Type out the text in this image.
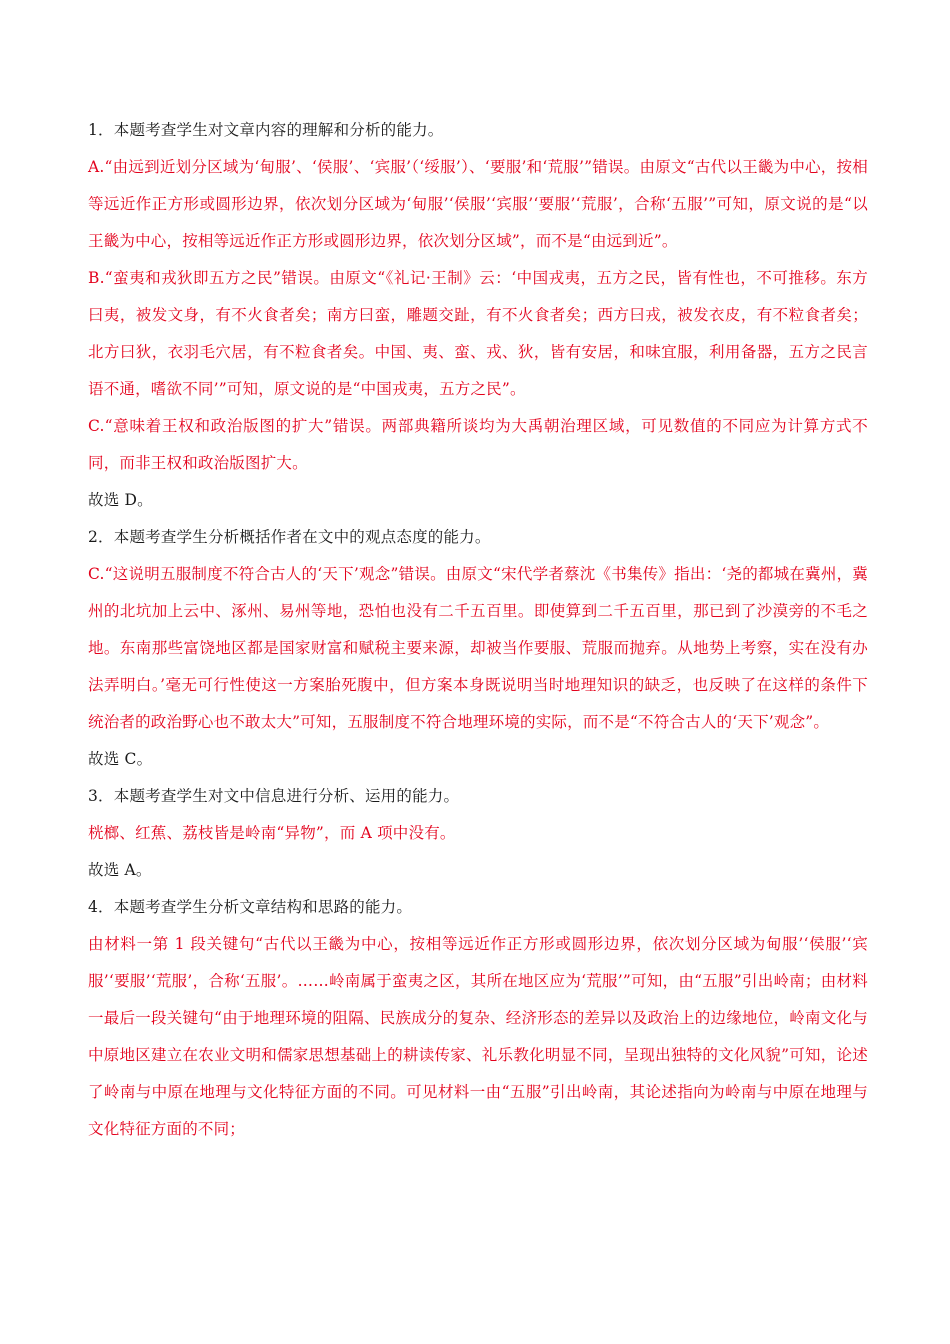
1．本题考查学生对文章内容的理解和分析的能力。

A.“由远到近划分区域为‘甸服’、‘侯服’、‘宾服’（‘绥服’）、‘要服’和‘荒服’”错误。由原文“古代以王畿为中心，按相等远近作正方形或圆形边界，依次划分区域为‘甸服’‘侯服’‘宾服’‘要服’‘荒服’，合称‘五服’”可知，原文说的是“以王畿为中心，按相等远近作正方形或圆形边界，依次划分区域”，而不是“由远到近”。

B.“蛮夷和戎狄即五方之民”错误。由原文“《礼记·王制》云：‘中国戎夷，五方之民，皆有性也，不可推移。东方曰夷，被发文身，有不火食者矣；南方曰蛮，雕题交趾，有不火食者矣；西方曰戎，被发衣皮，有不粒食者矣；北方曰狄，衣羽毛穴居，有不粒食者矣。中国、夷、蛮、戎、狄，皆有安居，和味宜服，利用备器，五方之民言语不通，嗜欲不同’”可知，原文说的是“中国戎夷，五方之民”。

C.“意味着王权和政治版图的扩大”错误。两部典籍所谈均为大禹朝治理区域，可见数值的不同应为计算方式不同，而非王权和政治版图扩大。

故选 D。

2．本题考查学生分析概括作者在文中的观点态度的能力。

C.“这说明五服制度不符合古人的‘天下’观念”错误。由原文“宋代学者蔡沈《书集传》指出：‘尧的都城在冀州，冀州的北坑加上云中、涿州、易州等地，恐怕也没有二千五百里。即使算到二千五百里，那已到了沙漠旁的不毛之地。东南那些富饶地区都是国家财富和赋税主要来源，却被当作要服、荒服而抛弃。从地势上考察，实在没有办法弄明白。’毫无可行性使这一方案胎死腹中，但方案本身既说明当时地理知识的缺乏，也反映了在这样的条件下统治者的政治野心也不敢太大”可知，五服制度不符合地理环境的实际，而不是“不符合古人的‘天下’观念”。

故选 C。

3．本题考查学生对文中信息进行分析、运用的能力。

桄榔、红蕉、荔枝皆是岭南“异物”，而 A 项中没有。

故选 A。

4．本题考查学生分析文章结构和思路的能力。

由材料一第 1 段关键句“古代以王畿为中心，按相等远近作正方形或圆形边界，依次划分区域为甸服’‘侯服’‘宾服’‘要服’‘荒服’，合称‘五服’。……岭南属于蛮夷之区，其所在地区应为‘荒服’”可知，由“五服”引出岭南；由材料一最后一段关键句“由于地理环境的阻隔、民族成分的复杂、经济形态的差异以及政治上的边缘地位，岭南文化与中原地区建立在农业文明和儒家思想基础上的耕读传家、礼乐教化明显不同，呈现出独特的文化风貌”可知，论述了岭南与中原在地理与文化特征方面的不同。可见材料一由“五服”引出岭南，其论述指向为岭南与中原在地理与文化特征方面的不同；
